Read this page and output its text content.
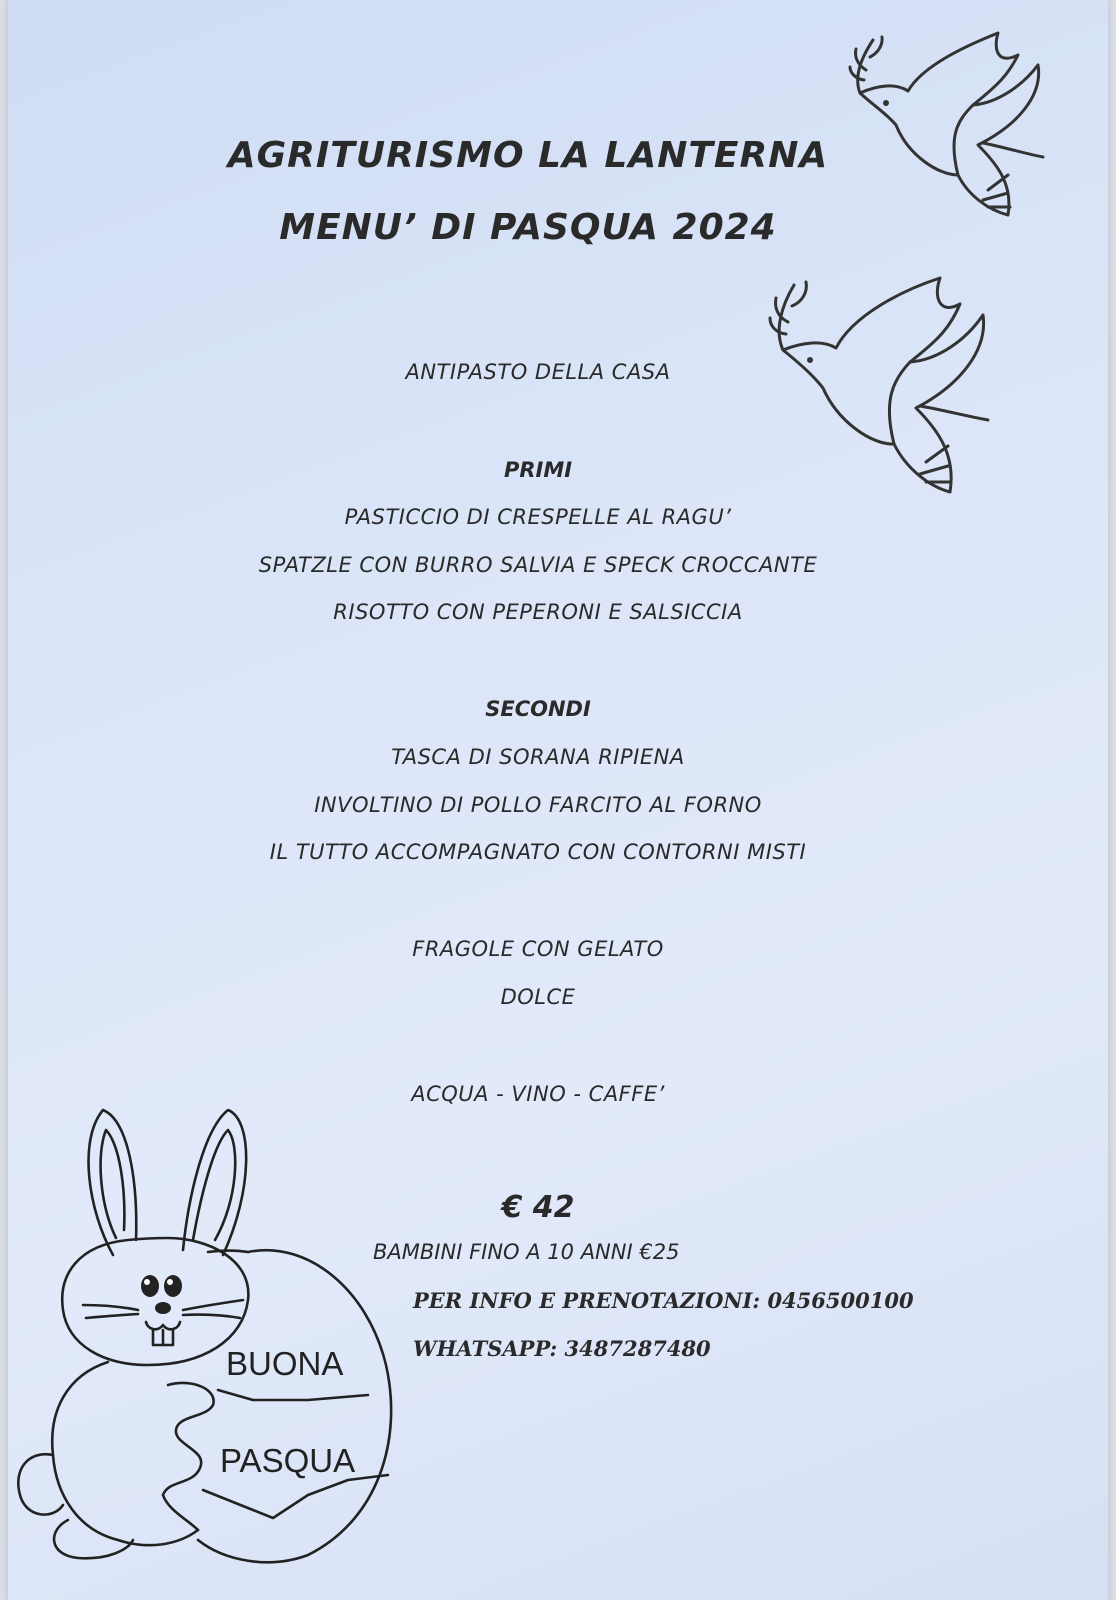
AGRITURISMO LA LANTERNA
MENU’ DI PASQUA 2024
ANTIPASTO DELLA CASA
PRIMI
PASTICCIO DI CRESPELLE AL RAGU’
SPATZLE CON BURRO SALVIA E SPECK CROCCANTE
RISOTTO CON PEPERONI E SALSICCIA
SECONDI
TASCA DI SORANA RIPIENA
INVOLTINO DI POLLO FARCITO AL FORNO
IL TUTTO ACCOMPAGNATO CON CONTORNI MISTI
FRAGOLE CON GELATO
DOLCE
ACQUA - VINO - CAFFE’
€ 42
BAMBINI FINO A 10 ANNI €25
PER INFO E PRENOTAZIONI: 0456500100
WHATSAPP: 3487287480
BUONA
PASQUA
